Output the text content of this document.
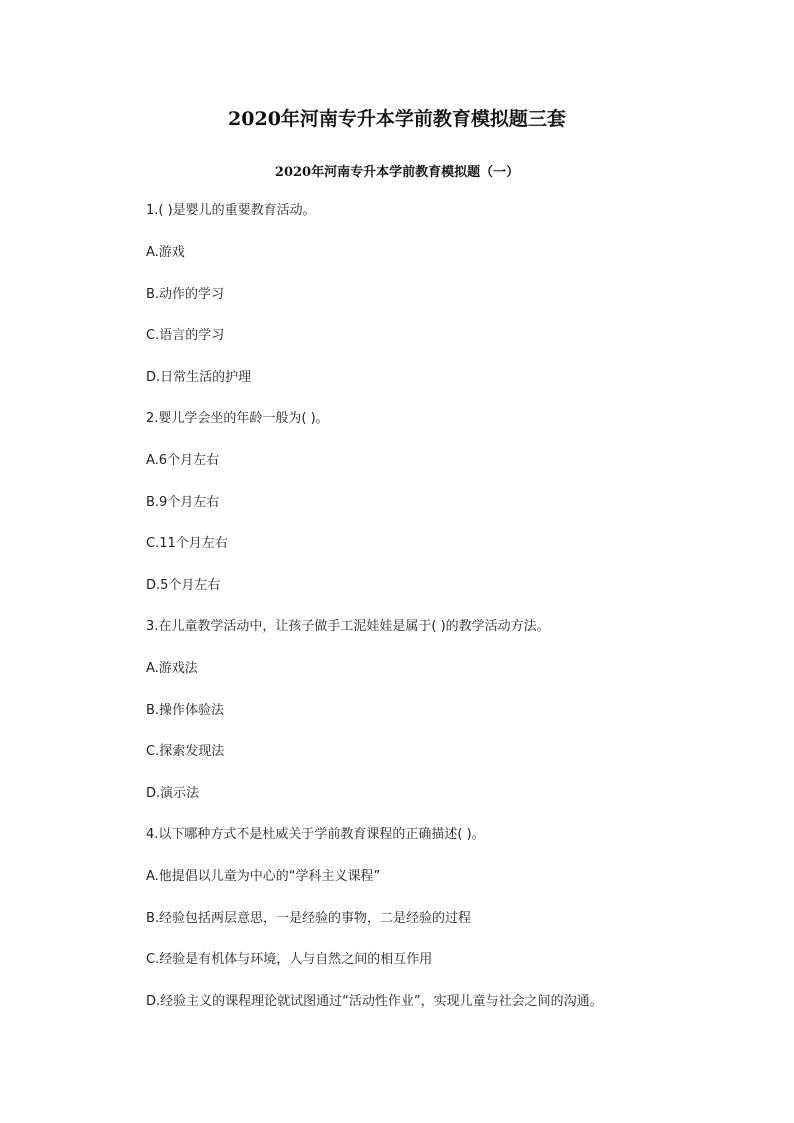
2020年河南专升本学前教育模拟题三套
2020年河南专升本学前教育模拟题（一）
1.( )是婴儿的重要教育活动。
A.游戏
B.动作的学习
C.语言的学习
D.日常生活的护理
2.婴儿学会坐的年龄一般为( )。
A.6个月左右
B.9个月左右
C.11个月左右
D.5个月左右
3.在儿童教学活动中，让孩子做手工泥娃娃是属于( )的教学活动方法。
A.游戏法
B.操作体验法
C.探索发现法
D.演示法
4.以下哪种方式不是杜威关于学前教育课程的正确描述( )。
A.他提倡以儿童为中心的“学科主义课程”
B.经验包括两层意思，一是经验的事物，二是经验的过程
C.经验是有机体与环境，人与自然之间的相互作用
D.经验主义的课程理论就试图通过“活动性作业”，实现儿童与社会之间的沟通。
